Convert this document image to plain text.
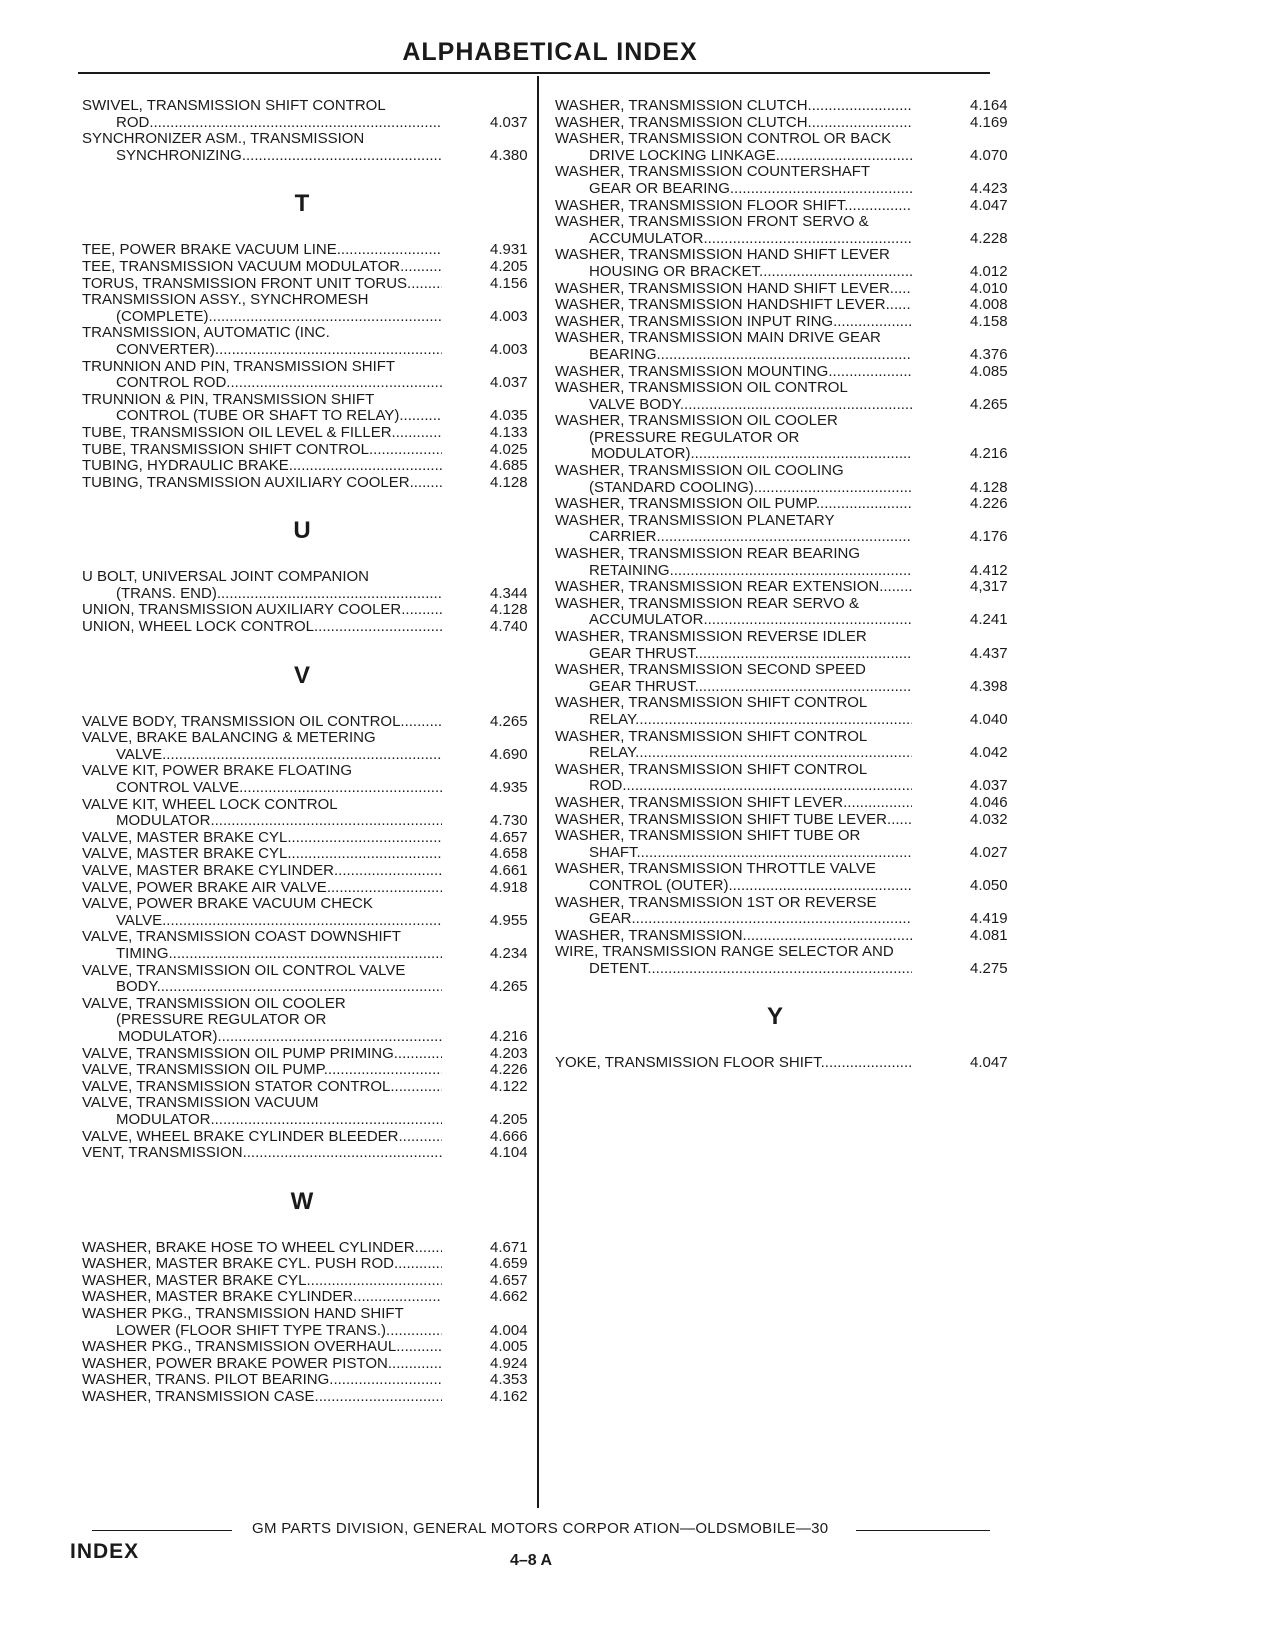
ALPHABETICAL INDEX
SWIVEL, TRANSMISSION SHIFT CONTROL
ROD .....	4.037
SYNCHRONIZER ASM., TRANSMISSION
SYNCHRONIZING .....	4.380
T
TEE, POWER BRAKE VACUUM LINE .....	4.931
TEE, TRANSMISSION VACUUM MODULATOR .....	4.205
TORUS, TRANSMISSION FRONT UNIT TORUS .....	4.156
TRANSMISSION ASSY., SYNCHROMESH
(COMPLETE) .....	4.003
TRANSMISSION, AUTOMATIC (INC.
CONVERTER) .....	4.003
TRUNNION AND PIN, TRANSMISSION SHIFT
CONTROL ROD .....	4.037
TRUNNION & PIN, TRANSMISSION SHIFT
CONTROL (TUBE OR SHAFT TO RELAY) .....	4.035
TUBE, TRANSMISSION OIL LEVEL & FILLER .....	4.133
TUBE, TRANSMISSION SHIFT CONTROL .....	4.025
TUBING, HYDRAULIC BRAKE .....	4.685
TUBING, TRANSMISSION AUXILIARY COOLER.. .....	4.128
U
U BOLT, UNIVERSAL JOINT COMPANION
(TRANS. END) .....	4.344
UNION, TRANSMISSION AUXILIARY COOLER .....	4.128
UNION, WHEEL LOCK CONTROL .....	4.740
V
VALVE BODY, TRANSMISSION OIL CONTROL .....	4.265
VALVE, BRAKE BALANCING & METERING
VALVE .....	4.690
VALVE KIT, POWER BRAKE FLOATING
CONTROL VALVE .....	4.935
VALVE KIT, WHEEL LOCK CONTROL
MODULATOR .....	4.730
VALVE, MASTER BRAKE CYL .....	4.657
VALVE, MASTER BRAKE CYL .....	4.658
VALVE, MASTER BRAKE CYLINDER .....	4.661
VALVE, POWER BRAKE AIR VALVE .....	4.918
VALVE, POWER BRAKE VACUUM CHECK
VALVE .....	4.955
VALVE, TRANSMISSION COAST DOWNSHIFT
TIMING .....	4.234
VALVE, TRANSMISSION OIL CONTROL VALVE
BODY .....	4.265
VALVE, TRANSMISSION OIL COOLER
(PRESSURE REGULATOR OR
MODULATOR) .....	4.216
VALVE, TRANSMISSION OIL PUMP PRIMING .....	4.203
VALVE, TRANSMISSION OIL PUMP .....	4.226
VALVE, TRANSMISSION STATOR CONTROL .....	4.122
VALVE, TRANSMISSION VACUUM
MODULATOR .....	4.205
VALVE, WHEEL BRAKE CYLINDER BLEEDER .....	4.666
VENT, TRANSMISSION .....	4.104
W
WASHER, BRAKE HOSE TO WHEEL CYLINDER.. .....	4.671
WASHER, MASTER BRAKE CYL. PUSH ROD .....	4.659
WASHER, MASTER BRAKE CYL. .....	4.657
WASHER, MASTER BRAKE CYLINDER .....	4.662
WASHER PKG., TRANSMISSION HAND SHIFT
LOWER (FLOOR SHIFT TYPE TRANS.) .....	4.004
WASHER PKG., TRANSMISSION OVERHAUL .....	4.005
WASHER, POWER BRAKE POWER PISTON .....	4.924
WASHER, TRANS. PILOT BEARING .....	4.353
WASHER, TRANSMISSION CASE .....	4.162
WASHER, TRANSMISSION CLUTCH .....	4.164
WASHER, TRANSMISSION CLUTCH .....	4.169
WASHER, TRANSMISSION CONTROL OR BACK
DRIVE LOCKING LINKAGE .....	4.070
WASHER, TRANSMISSION COUNTERSHAFT
GEAR OR BEARING .....	4.423
WASHER, TRANSMISSION FLOOR SHIFT .....	4.047
WASHER, TRANSMISSION FRONT SERVO &
ACCUMULATOR .....	4.228
WASHER, TRANSMISSION HAND SHIFT LEVER
HOUSING OR BRACKET .....	4.012
WASHER, TRANSMISSION HAND SHIFT LEVER .....	4.010
WASHER, TRANSMISSION HANDSHIFT LEVER. .....	4.008
WASHER, TRANSMISSION INPUT RING .....	4.158
WASHER, TRANSMISSION MAIN DRIVE GEAR
BEARING .....	4.376
WASHER, TRANSMISSION MOUNTING .....	4.085
WASHER, TRANSMISSION OIL CONTROL
VALVE BODY .....	4.265
WASHER, TRANSMISSION OIL COOLER
(PRESSURE REGULATOR OR
MODULATOR) .....	4.216
WASHER, TRANSMISSION OIL COOLING
(STANDARD COOLING) .....	4.128
WASHER, TRANSMISSION OIL PUMP .....	4.226
WASHER, TRANSMISSION PLANETARY
CARRIER .....	4.176
WASHER, TRANSMISSION REAR BEARING
RETAINING .....	4.412
WASHER, TRANSMISSION REAR EXTENSION .....	4,317
WASHER, TRANSMISSION REAR SERVO &
ACCUMULATOR .....	4.241
WASHER, TRANSMISSION REVERSE IDLER
GEAR THRUST .....	4.437
WASHER, TRANSMISSION SECOND SPEED
GEAR THRUST .....	4.398
WASHER, TRANSMISSION SHIFT CONTROL
RELAY .....	4.040
WASHER, TRANSMISSION SHIFT CONTROL
RELAY .....	4.042
WASHER, TRANSMISSION SHIFT CONTROL
ROD .....	4.037
WASHER, TRANSMISSION SHIFT LEVER .....	4.046
WASHER, TRANSMISSION SHIFT TUBE LEVER. .....	4.032
WASHER, TRANSMISSION SHIFT TUBE OR
SHAFT .....	4.027
WASHER, TRANSMISSION THROTTLE VALVE
CONTROL (OUTER) .....	4.050
WASHER, TRANSMISSION 1ST OR REVERSE
GEAR .....	4.419
WASHER, TRANSMISSION .....	4.081
WIRE, TRANSMISSION RANGE SELECTOR AND
DETENT .....	4.275
Y
YOKE, TRANSMISSION FLOOR SHIFT .....	4.047
GM PARTS DIVISION, GENERAL MOTORS CORPOR ATION—OLDSMOBILE—30
INDEX	4–8 A
